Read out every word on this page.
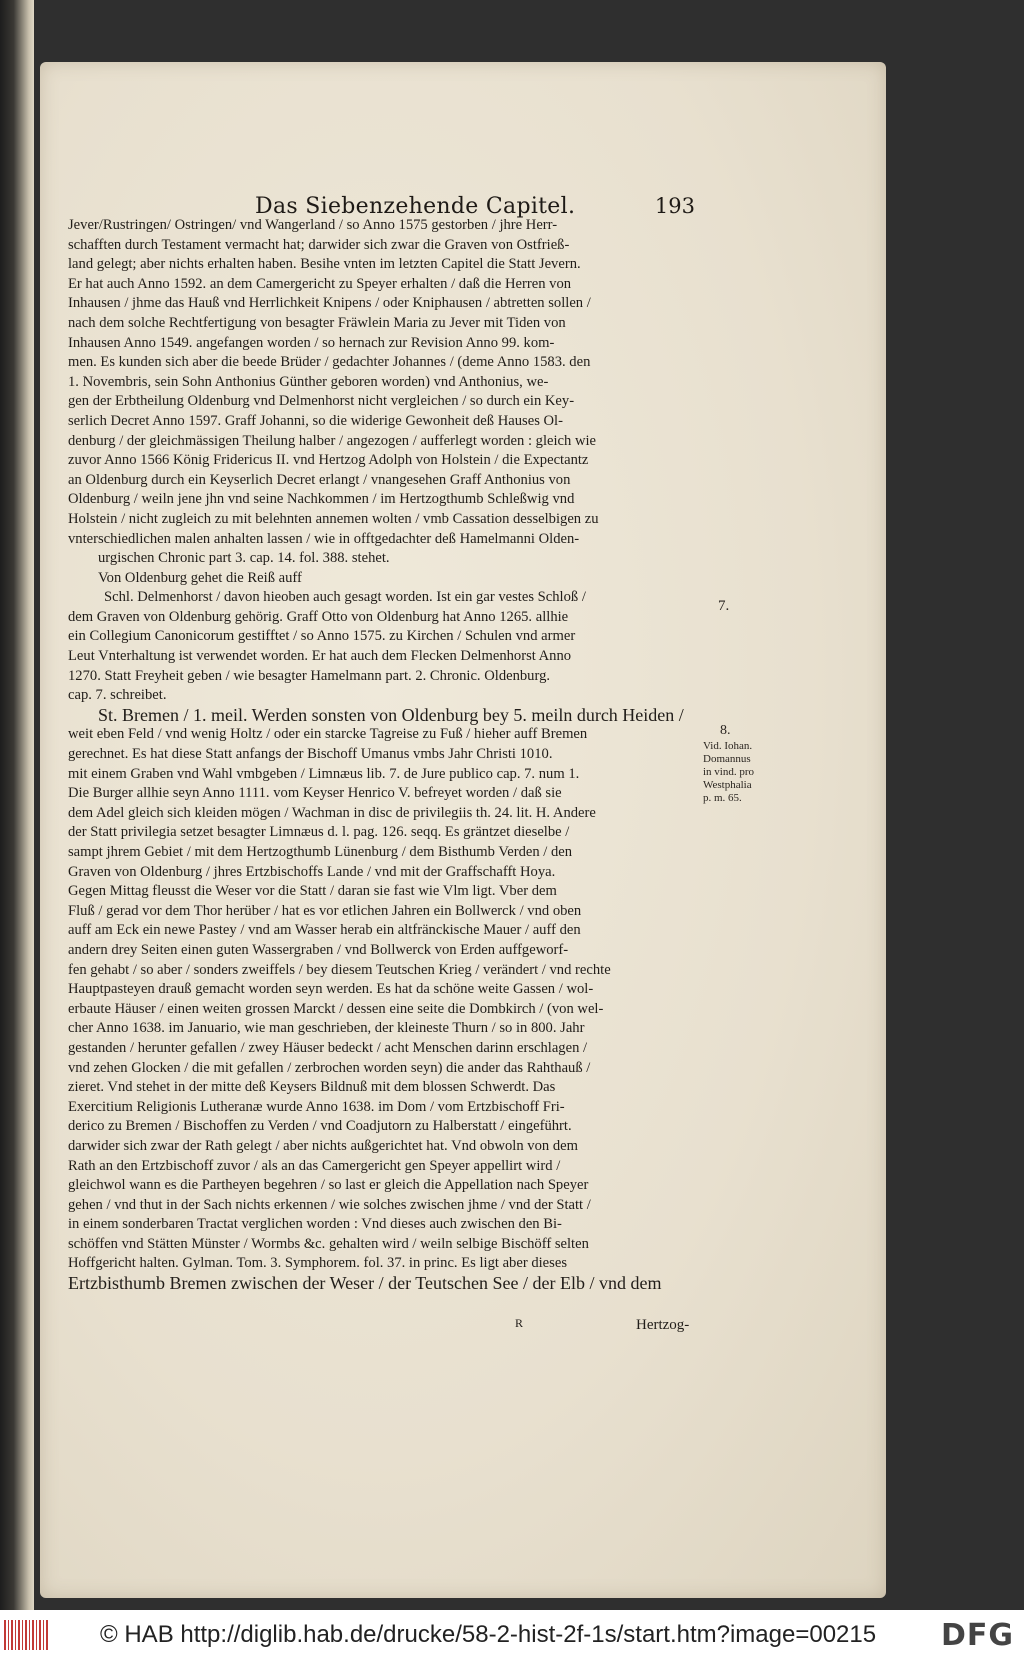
Das Siebenzehende Capitel.	193
Jever/Rustringen/ Ostringen/ vnd Wangerland / so Anno 1575 gestorben / jhre Herr-
schafften durch Testament vermacht hat; darwider sich zwar die Graven von Ostfrieß-
land gelegt; aber nichts erhalten haben. Besihe vnten im letzten Capitel die Statt Jevern.
Er hat auch Anno 1592. an dem Camergericht zu Speyer erhalten / daß die Herren von
Inhausen / jhme das Hauß vnd Herrlichkeit Knipens / oder Kniphausen / abtretten sollen /
nach dem solche Rechtfertigung von besagter Fräwlein Maria zu Jever mit Tiden von
Inhausen Anno 1549. angefangen worden / so hernach zur Revision Anno 99. kom-
men. Es kunden sich aber die beede Brüder / gedachter Johannes / (deme Anno 1583. den
1. Novembris, sein Sohn Anthonius Günther geboren worden) vnd Anthonius, we-
gen der Erbtheilung Oldenburg vnd Delmenhorst nicht vergleichen / so durch ein Key-
serlich Decret Anno 1597. Graff Johanni, so die widerige Gewonheit deß Hauses Ol-
denburg / der gleichmässigen Theilung halber / angezogen / aufferlegt worden : gleich wie
zuvor Anno 1566 König Fridericus II. vnd Hertzog Adolph von Holstein / die Expectantz
an Oldenburg durch ein Keyserlich Decret erlangt / vnangesehen Graff Anthonius von
Oldenburg / weiln jene jhn vnd seine Nachkommen / im Hertzogthumb Schleßwig vnd
Holstein / nicht zugleich zu mit belehnten annemen wolten / vmb Cassation desselbigen zu
vnterschiedlichen malen anhalten lassen / wie in offtgedachter deß Hamelmanni Olden-
urgischen Chronic part 3. cap. 14. fol. 388. stehet.
Von Oldenburg gehet die Reiß auff
Schl. Delmenhorst / davon hieoben auch gesagt worden. Ist ein gar vestes Schloß /
dem Graven von Oldenburg gehörig. Graff Otto von Oldenburg hat Anno 1265. allhie
ein Collegium Canonicorum gestifftet / so Anno 1575. zu Kirchen / Schulen vnd armer
Leut Vnterhaltung ist verwendet worden. Er hat auch dem Flecken Delmenhorst Anno
1270. Statt Freyheit geben / wie besagter Hamelmann part. 2. Chronic. Oldenburg.
cap. 7. schreibet.
St. Bremen / 1. meil. Werden sonsten von Oldenburg bey 5. meiln durch Heiden /
weit eben Feld / vnd wenig Holtz / oder ein starcke Tagreise zu Fuß / hieher auff Bremen
gerechnet. Es hat diese Statt anfangs der Bischoff Umanus vmbs Jahr Christi 1010.
mit einem Graben vnd Wahl vmbgeben / Limnæus lib. 7. de Jure publico cap. 7. num 1.
Die Burger allhie seyn Anno 1111. vom Keyser Henrico V. befreyet worden / daß sie
dem Adel gleich sich kleiden mögen / Wachman in disc de privilegiis th. 24. lit. H. Andere
der Statt privilegia setzet besagter Limnæus d. l. pag. 126. seqq. Es gräntzet dieselbe /
sampt jhrem Gebiet / mit dem Hertzogthumb Lünenburg / dem Bisthumb Verden / den
Graven von Oldenburg / jhres Ertzbischoffs Lande / vnd mit der Graffschafft Hoya.
Gegen Mittag fleusst die Weser vor die Statt / daran sie fast wie Vlm ligt. Vber dem
Fluß / gerad vor dem Thor herüber / hat es vor etlichen Jahren ein Bollwerck / vnd oben
auff am Eck ein newe Pastey / vnd am Wasser herab ein altfränckische Mauer / auff den
andern drey Seiten einen guten Wassergraben / vnd Bollwerck von Erden auffgeworf-
fen gehabt / so aber / sonders zweiffels / bey diesem Teutschen Krieg / verändert / vnd rechte
Hauptpasteyen drauß gemacht worden seyn werden. Es hat da schöne weite Gassen / wol-
erbaute Häuser / einen weiten grossen Marckt / dessen eine seite die Dombkirch / (von wel-
cher Anno 1638. im Januario, wie man geschrieben, der kleineste Thurn / so in 800. Jahr
gestanden / herunter gefallen / zwey Häuser bedeckt / acht Menschen darinn erschlagen /
vnd zehen Glocken / die mit gefallen / zerbrochen worden seyn) die ander das Rahthauß /
zieret. Vnd stehet in der mitte deß Keysers Bildnuß mit dem blossen Schwerdt. Das
Exercitium Religionis Lutheranæ wurde Anno 1638. im Dom / vom Ertzbischoff Fri-
derico zu Bremen / Bischoffen zu Verden / vnd Coadjutorn zu Halberstatt / eingeführt.
darwider sich zwar der Rath gelegt / aber nichts außgerichtet hat. Vnd obwoln von dem
Rath an den Ertzbischoff zuvor / als an das Camergericht gen Speyer appellirt wird /
gleichwol wann es die Partheyen begehren / so last er gleich die Appellation nach Speyer
gehen / vnd thut in der Sach nichts erkennen / wie solches zwischen jhme / vnd der Statt /
in einem sonderbaren Tractat verglichen worden : Vnd dieses auch zwischen den Bi-
schöffen vnd Stätten Münster / Wormbs &c. gehalten wird / weiln selbige Bischöff selten
Hoffgericht halten. Gylman. Tom. 3. Symphorem. fol. 37. in princ. Es ligt aber dieses
Ertzbisthumb Bremen zwischen der Weser / der Teutschen See / der Elb / vnd dem
7.
8.
Vid. Iohan.
Domannus
in vind. pro
Westphalia
p. m. 65.
R	Hertzog-
© HAB http://diglib.hab.de/drucke/58-2-hist-2f-1s/start.htm?image=00215 DFG
